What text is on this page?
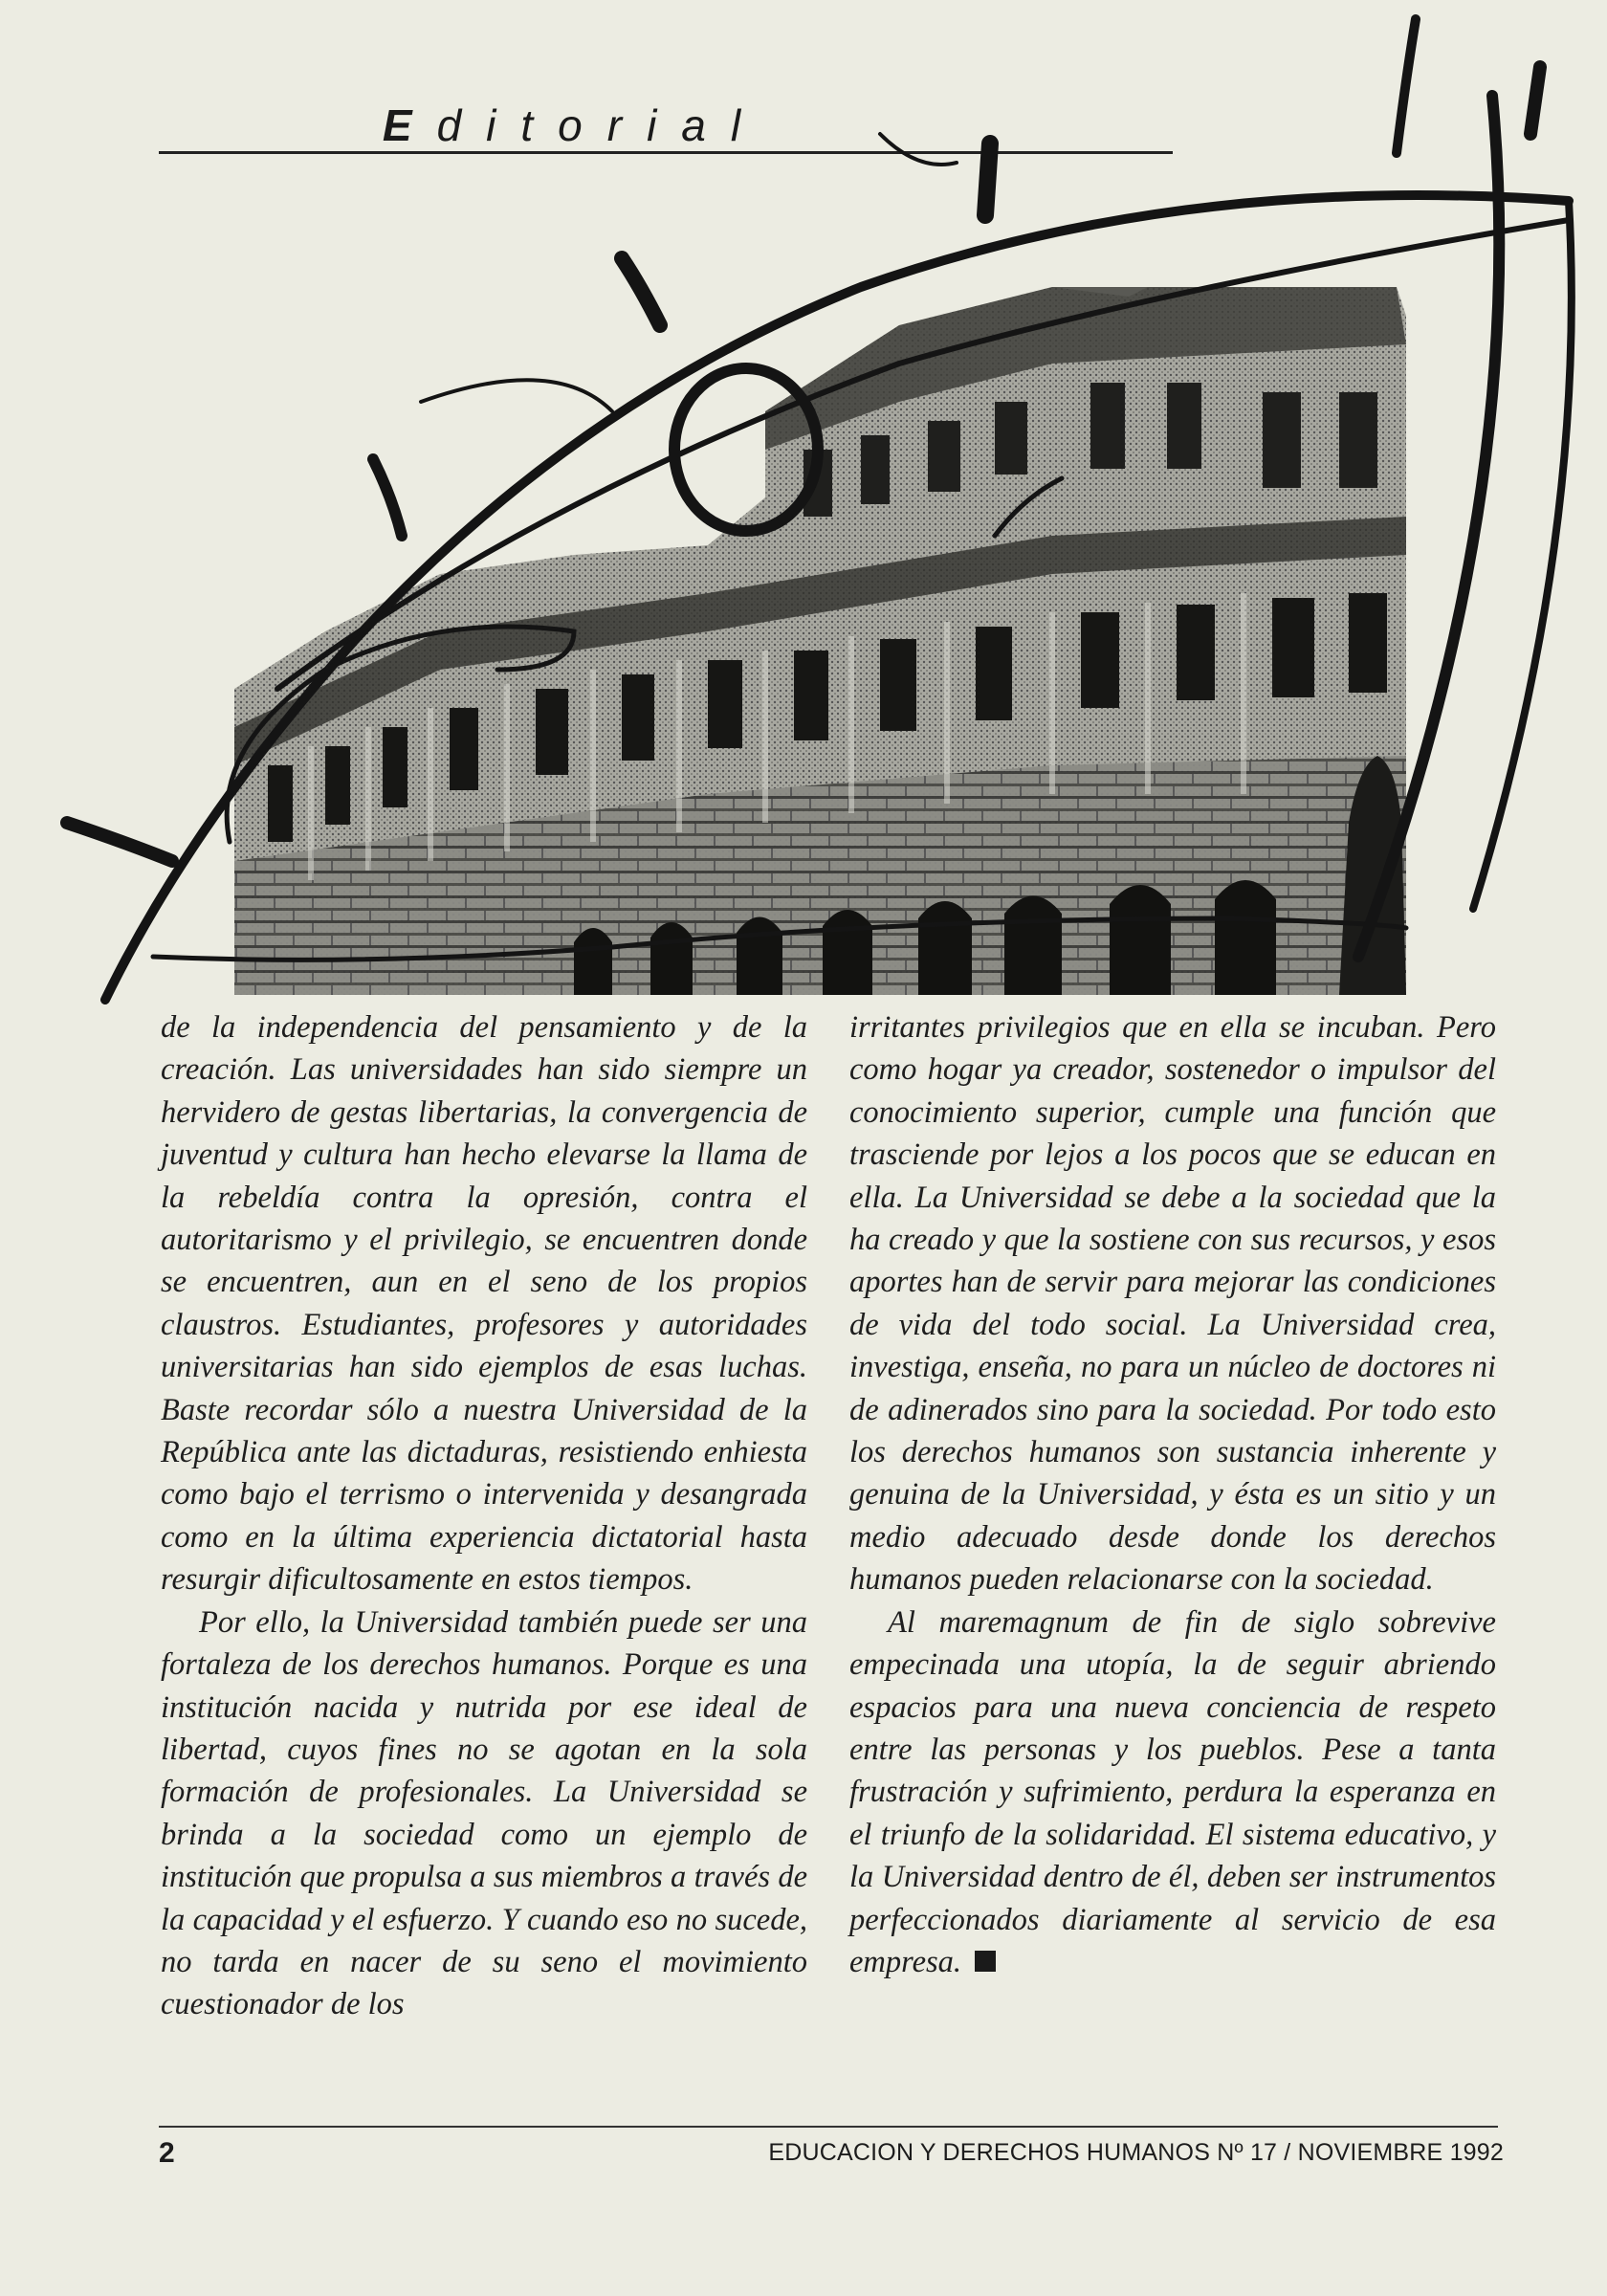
Editorial

de la independencia del pensamiento y de la creación. Las universidades han sido siempre un hervidero de gestas libertarias, la convergencia de juventud y cultura han hecho elevarse la llama de la rebeldía contra la opresión, contra el autoritarismo y el privilegio, se encuentren donde se encuentren, aun en el seno de los propios claustros. Estudiantes, profesores y autoridades universitarias han sido ejemplos de esas luchas. Baste recordar sólo a nuestra Universidad de la República ante las dictaduras, resistiendo enhiesta como bajo el terrismo o intervenida y desangrada como en la última experiencia dictatorial hasta resurgir dificultosamente en estos tiempos.

Por ello, la Universidad también puede ser una fortaleza de los derechos humanos. Porque es una institución nacida y nutrida por ese ideal de libertad, cuyos fines no se agotan en la sola formación de profesionales. La Universidad se brinda a la sociedad como un ejemplo de institución que propulsa a sus miembros a través de la capacidad y el esfuerzo. Y cuando eso no sucede, no tarda en nacer de su seno el movimiento cuestionador de los

irritantes privilegios que en ella se incuban. Pero como hogar ya creador, sostenedor o impulsor del conocimiento superior, cumple una función que trasciende por lejos a los pocos que se educan en ella. La Universidad se debe a la sociedad que la ha creado y que la sostiene con sus recursos, y esos aportes han de servir para mejorar las condiciones de vida del todo social. La Universidad crea, investiga, enseña, no para un núcleo de doctores ni de adinerados sino para la sociedad. Por todo esto los derechos humanos son sustancia inherente y genuina de la Universidad, y ésta es un sitio y un medio adecuado desde donde los derechos humanos pueden relacionarse con la sociedad.

Al maremagnum de fin de siglo sobrevive empecinada una utopía, la de seguir abriendo espacios para una nueva conciencia de respeto entre las personas y los pueblos. Pese a tanta frustración y sufrimiento, perdura la esperanza en el triunfo de la solidaridad. El sistema educativo, y la Universidad dentro de él, deben ser instrumentos perfeccionados diariamente al servicio de esa empresa.

2	EDUCACION Y DERECHOS HUMANOS Nº 17 / NOVIEMBRE 1992
